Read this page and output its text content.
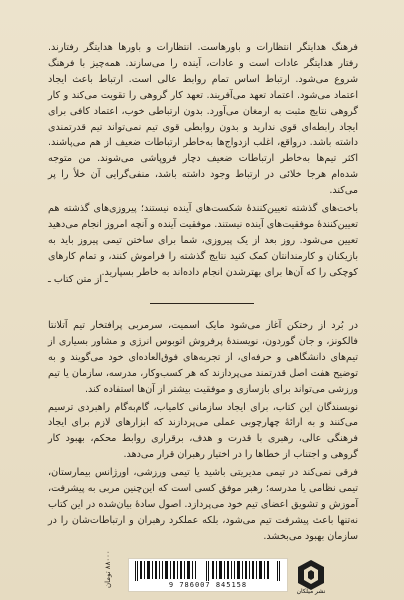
فرهنگ هدایتگر انتظارات و باورهاست. انتظارات و باورها هدایتگر رفتارند. رفتار هدایتگر عادات است و عادات، آینده را می‌سازند. همه‌چیز با فرهنگ شروع می‌شود. ارتباط اساس تمام روابط عالی است. ارتباط باعث ایجاد اعتماد می‌شود. اعتماد تعهد می‌آفریند. تعهد کار گروهی را تقویت می‌کند و کار گروهی نتایج مثبت به ارمغان می‌آورد. بدون ارتباطی خوب، اعتماد کافی برای ایجاد رابطه‌ای قوی ندارید و بدون روابطی قوی تیم نمی‌تواند تیم قدرتمندی داشته باشد. درواقع، اغلب ازدواج‌ها به‌خاطر ارتباطات ضعیف از هم می‌پاشند. اکثر تیم‌ها به‌خاطر ارتباطات ضعیف دچار فروپاشی می‌شوند. من متوجه شده‌ام هرجا خلائی در ارتباط وجود داشته باشد، منفی‌گرایی آن خلأ را پر می‌کند.

باخت‌های گذشته تعیین‌کنندهٔ شکست‌های آینده نیستند؛ پیروزی‌های گذشته هم تعیین‌کنندهٔ موفقیت‌های آینده نیستند. موفقیت آینده و آنچه امروز انجام می‌دهید تعیین می‌شود. روز بعد از یک پیروزی، شما برای ساختن تیمی پیروز باید به بازیکنان و کارمندانتان کمک کنید نتایج گذشته را فراموش کنند، و تمام کارهای کوچکی را که آن‌ها برای بهترشدن انجام داده‌اند به خاطر بسپارید.

ـ از متن کتاب ـ

در بُرد از رختکن آغاز می‌شود مایک اسمیت، سرمربی پرافتخار تیم آتلانتا فالکونز، و جان گوردون، نویسندهٔ پرفروش اتوبوس انرژی و مشاور بسیاری از تیم‌های دانشگاهی و حرفه‌ای، از تجربه‌های فوق‌العاده‌ای خود می‌گویند و به توضیح هفت اصل قدرتمند می‌پردازند که هر کسب‌وکار، مدرسه، سازمان یا تیم ورزشی می‌تواند برای بازسازی و موفقیت بیشتر از آن‌ها استفاده کند.

نویسندگان این کتاب، برای ایجاد سازمانی کامیاب، گام‌به‌گام راهبردی ترسیم می‌کنند و به ارائهٔ چهارچوبی عملی می‌پردازند که ابزارهای لازم برای ایجاد فرهنگی عالی، رهبری با قدرت و هدف، برقراری روابط محکم، بهبود کار گروهی و اجتناب از خطاها را در اختیار رهبران قرار می‌دهد.

فرقی نمی‌کند در تیمی مدیریتی باشید یا تیمی ورزشی، اورژانس بیمارستان، تیمی نظامی یا مدرسه؛ رهبر موفق کسی است که این‌چنین مربی به پیشرفت، آموزش و تشویق اعضای تیم خود می‌پردازد. اصول سادهٔ بیان‌شده در این کتاب نه‌تنها باعث پیشرفت تیم می‌شود، بلکه عملکرد رهبران و ارتباطات‌شان را در سازمان بهبود می‌بخشد.

۸۸۰۰۰ تومان
9 786007 845158
نشر میلکان
